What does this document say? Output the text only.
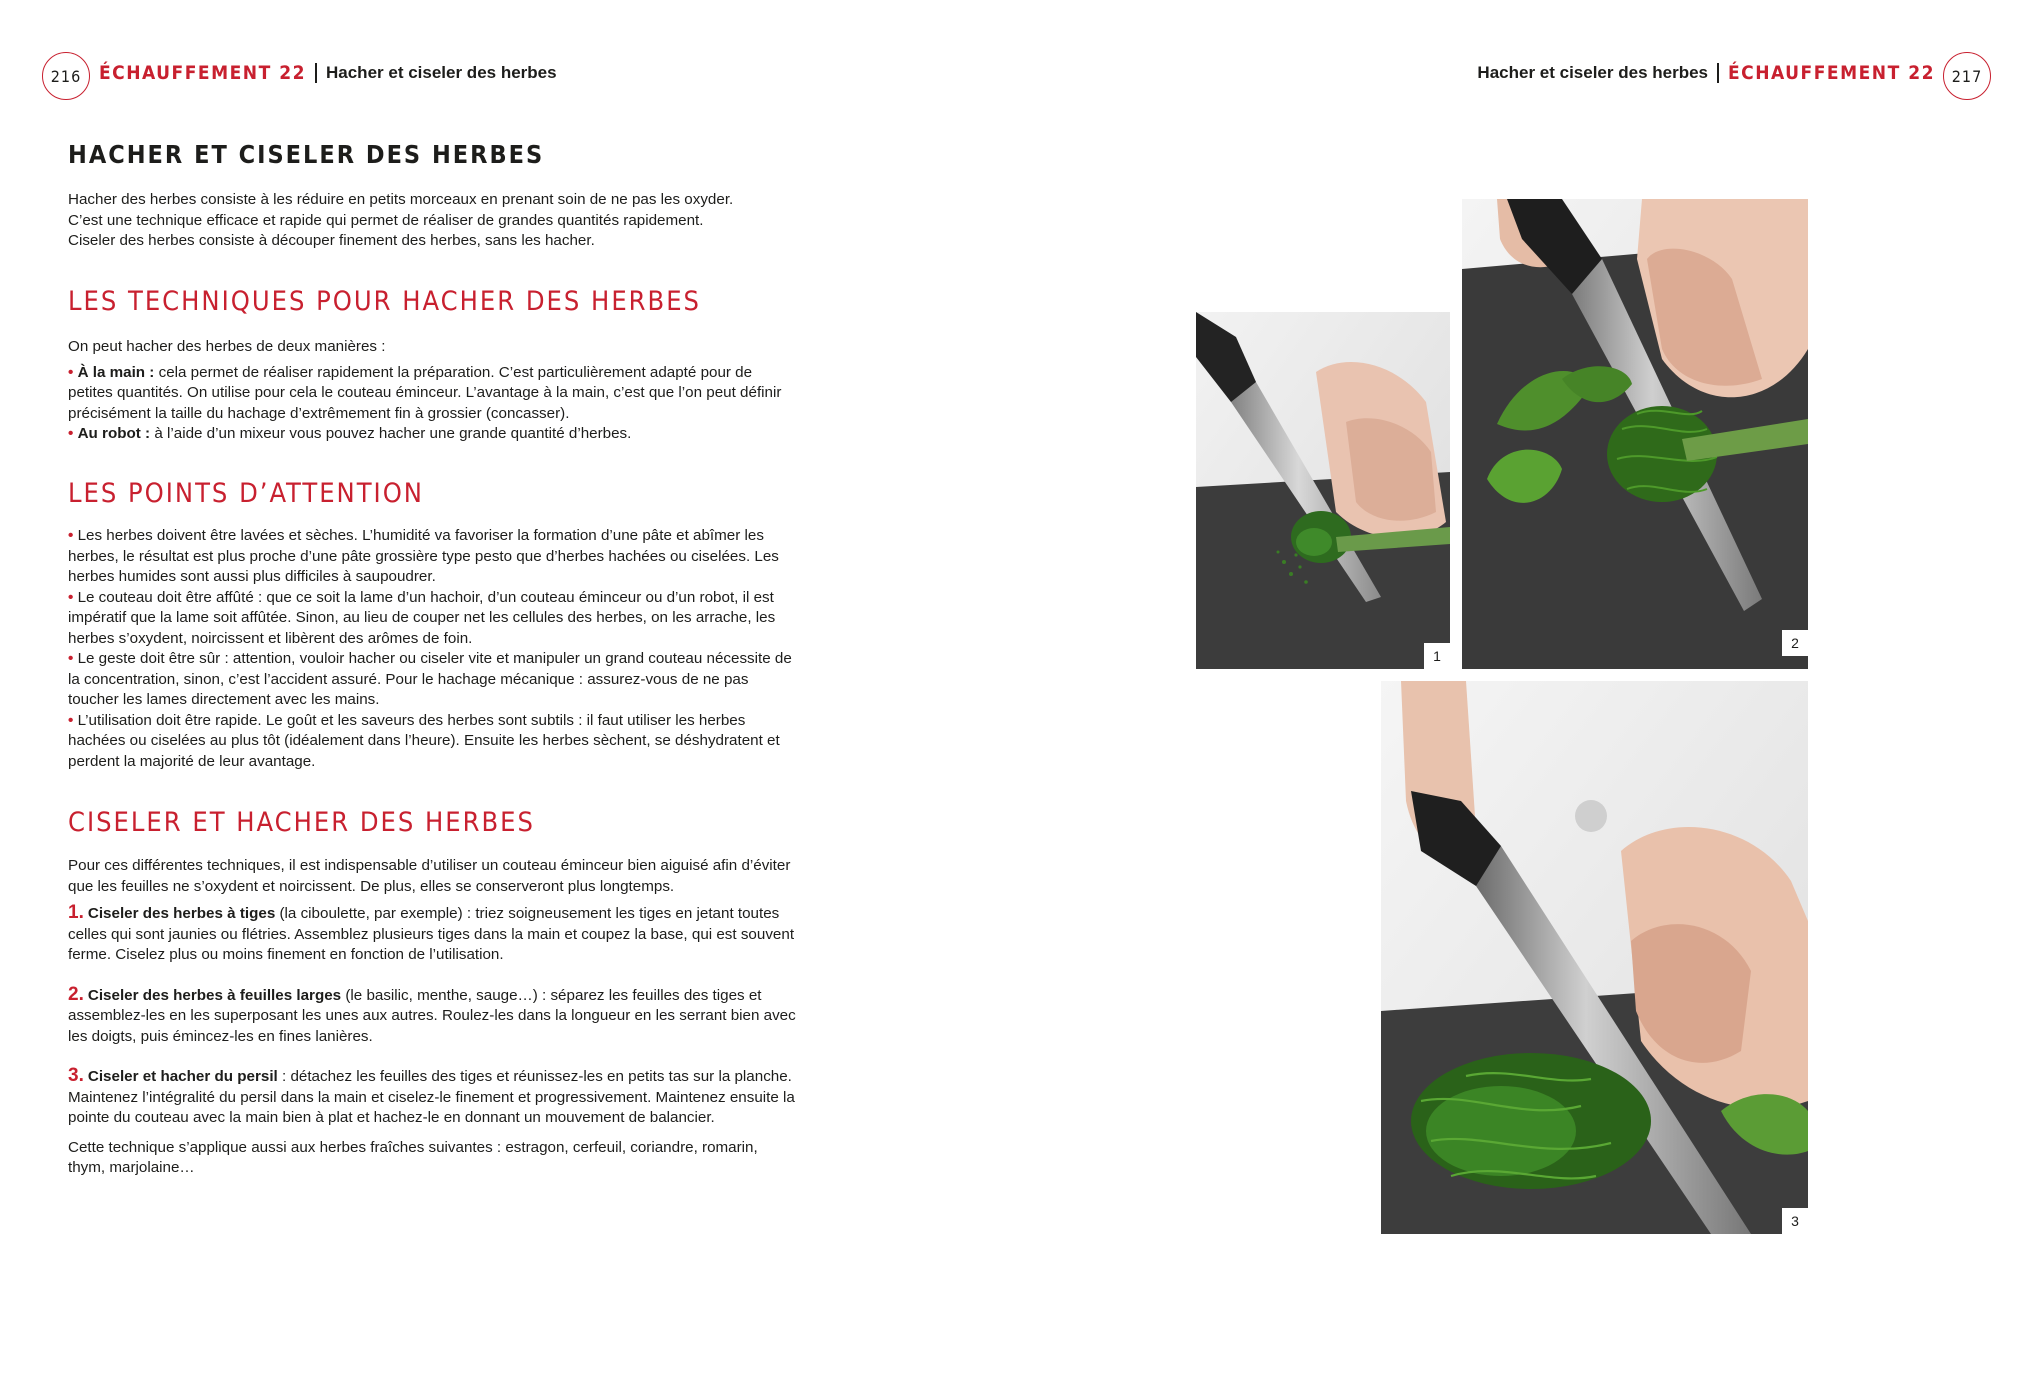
216 ÉCHAUFFEMENT 22 Hacher et ciseler des herbes	Hacher et ciseler des herbes ÉCHAUFFEMENT 22	217
HACHER ET CISELER DES HERBES
Hacher des herbes consiste à les réduire en petits morceaux en prenant soin de ne pas les oxyder.
C’est une technique efficace et rapide qui permet de réaliser de grandes quantités rapidement.
Ciseler des herbes consiste à découper finement des herbes, sans les hacher.
LES TECHNIQUES POUR HACHER DES HERBES
On peut hacher des herbes de deux manières :
• À la main : cela permet de réaliser rapidement la préparation. C’est particulièrement adapté pour de petites quantités. On utilise pour cela le couteau éminceur. L’avantage à la main, c’est que l’on peut définir précisément la taille du hachage d’extrêmement fin à grossier (concasser).
• Au robot : à l’aide d’un mixeur vous pouvez hacher une grande quantité d’herbes.
LES POINTS D’ATTENTION
• Les herbes doivent être lavées et sèches. L’humidité va favoriser la formation d’une pâte et abîmer les herbes, le résultat est plus proche d’une pâte grossière type pesto que d’herbes hachées ou ciselées. Les herbes humides sont aussi plus difficiles à saupoudrer.
• Le couteau doit être affûté : que ce soit la lame d’un hachoir, d’un couteau éminceur ou d’un robot, il est impératif que la lame soit affûtée. Sinon, au lieu de couper net les cellules des herbes, on les arrache, les herbes s’oxydent, noircissent et libèrent des arômes de foin.
• Le geste doit être sûr : attention, vouloir hacher ou ciseler vite et manipuler un grand couteau nécessite de la concentration, sinon, c’est l’accident assuré. Pour le hachage mécanique : assurez-vous de ne pas toucher les lames directement avec les mains.
• L’utilisation doit être rapide. Le goût et les saveurs des herbes sont subtils : il faut utiliser les herbes hachées ou ciselées au plus tôt (idéalement dans l’heure). Ensuite les herbes sèchent, se déshydratent et perdent la majorité de leur avantage.
CISELER ET HACHER DES HERBES
Pour ces différentes techniques, il est indispensable d’utiliser un couteau éminceur bien aiguisé afin d’éviter que les feuilles ne s’oxydent et noircissent. De plus, elles se conserveront plus longtemps.
1. Ciseler des herbes à tiges (la ciboulette, par exemple) : triez soigneusement les tiges en jetant toutes celles qui sont jaunies ou flétries. Assemblez plusieurs tiges dans la main et coupez la base, qui est souvent ferme. Ciselez plus ou moins finement en fonction de l’utilisation.
2. Ciseler des herbes à feuilles larges (le basilic, menthe, sauge…) : séparez les feuilles des tiges et assemblez-les en les superposant les unes aux autres. Roulez-les dans la longueur en les serrant bien avec les doigts, puis émincez-les en fines lanières.
3. Ciseler et hacher du persil : détachez les feuilles des tiges et réunissez-les en petits tas sur la planche. Maintenez l’intégralité du persil dans la main et ciselez-le finement et progressivement. Maintenez ensuite la pointe du couteau avec la main bien à plat et hachez-le en donnant un mouvement de balancier.
Cette technique s’applique aussi aux herbes fraîches suivantes : estragon, cerfeuil, coriandre, romarin, thym, marjolaine…
1
2
3
